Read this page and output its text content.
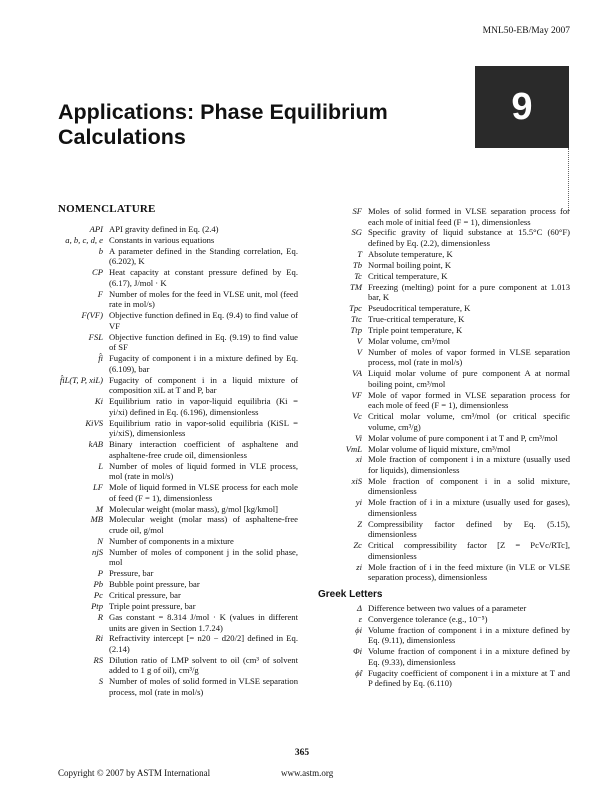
MNL50-EB/May 2007
Applications: Phase Equilibrium Calculations
9
NOMENCLATURE
API API gravity defined in Eq. (2.4)
a, b, c, d, e Constants in various equations
b A parameter defined in the Standing correlation, Eq. (6.202), K
CP Heat capacity at constant pressure defined by Eq. (6.17), J/mol · K
F Number of moles for the feed in VLSE unit, mol (feed rate in mol/s)
F(VF) Objective function defined in Eq. (9.4) to find value of VF
FSL Objective function defined in Eq. (9.19) to find value of SF
f̂i Fugacity of component i in a mixture defined by Eq. (6.109), bar
f̂iL(T, P, xiL) Fugacity of component i in a liquid mixture of composition xiL at T and P, bar
Ki Equilibrium ratio in vapor-liquid equilibria (Ki = yi/xi) defined in Eq. (6.196), dimensionless
KiVS Equilibrium ratio in vapor-solid equilibria (KiSL = yi/xiS), dimensionless
kAB Binary interaction coefficient of asphaltene and asphaltene-free crude oil, dimensionless
L Number of moles of liquid formed in VLE process, mol (rate in mol/s)
LF Mole of liquid formed in VLSE process for each mole of feed (F = 1), dimensionless
M Molecular weight (molar mass), g/mol [kg/kmol]
MB Molecular weight (molar mass) of asphaltene-free crude oil, g/mol
N Number of components in a mixture
njS Number of moles of component j in the solid phase, mol
P Pressure, bar
Pb Bubble point pressure, bar
Pc Critical pressure, bar
Ptp Triple point pressure, bar
R Gas constant = 8.314 J/mol · K (values in different units are given in Section 1.7.24)
Ri Refractivity intercept [= n20 − d20/2] defined in Eq. (2.14)
RS Dilution ratio of LMP solvent to oil (cm³ of solvent added to 1 g of oil), cm³/g
S Number of moles of solid formed in VLSE separation process, mol (rate in mol/s)
SF Moles of solid formed in VLSE separation process for each mole of initial feed (F = 1), dimensionless
SG Specific gravity of liquid substance at 15.5°C (60°F) defined by Eq. (2.2), dimensionless
T Absolute temperature, K
Tb Normal boiling point, K
Tc Critical temperature, K
TM Freezing (melting) point for a pure component at 1.013 bar, K
Tpc Pseudocritical temperature, K
Ttc True-critical temperature, K
Ttp Triple point temperature, K
V Molar volume, cm³/mol
V Number of moles of vapor formed in VLSE separation process, mol (rate in mol/s)
VA Liquid molar volume of pure component A at normal boiling point, cm³/mol
VF Mole of vapor formed in VLSE separation process for each mole of feed (F = 1), dimensionless
Vc Critical molar volume, cm³/mol (or critical specific volume, cm³/g)
Vi Molar volume of pure component i at T and P, cm³/mol
VmL Molar volume of liquid mixture, cm³/mol
xi Mole fraction of component i in a mixture (usually used for liquids), dimensionless
xiS Mole fraction of component i in a solid mixture, dimensionless
yi Mole fraction of i in a mixture (usually used for gases), dimensionless
Z Compressibility factor defined by Eq. (5.15), dimensionless
Zc Critical compressibility factor [Z = PcVc/RTc], dimensionless
zi Mole fraction of i in the feed mixture (in VLE or VLSE separation process), dimensionless
Greek Letters
Δ Difference between two values of a parameter
ε Convergence tolerance (e.g., 10⁻⁵)
ϕi Volume fraction of component i in a mixture defined by Eq. (9.11), dimensionless
Φi Volume fraction of component i in a mixture defined by Eq. (9.33), dimensionless
ϕ̂i Fugacity coefficient of component i in a mixture at T and P defined by Eq. (6.110)
365
Copyright © 2007 by ASTM International	www.astm.org
